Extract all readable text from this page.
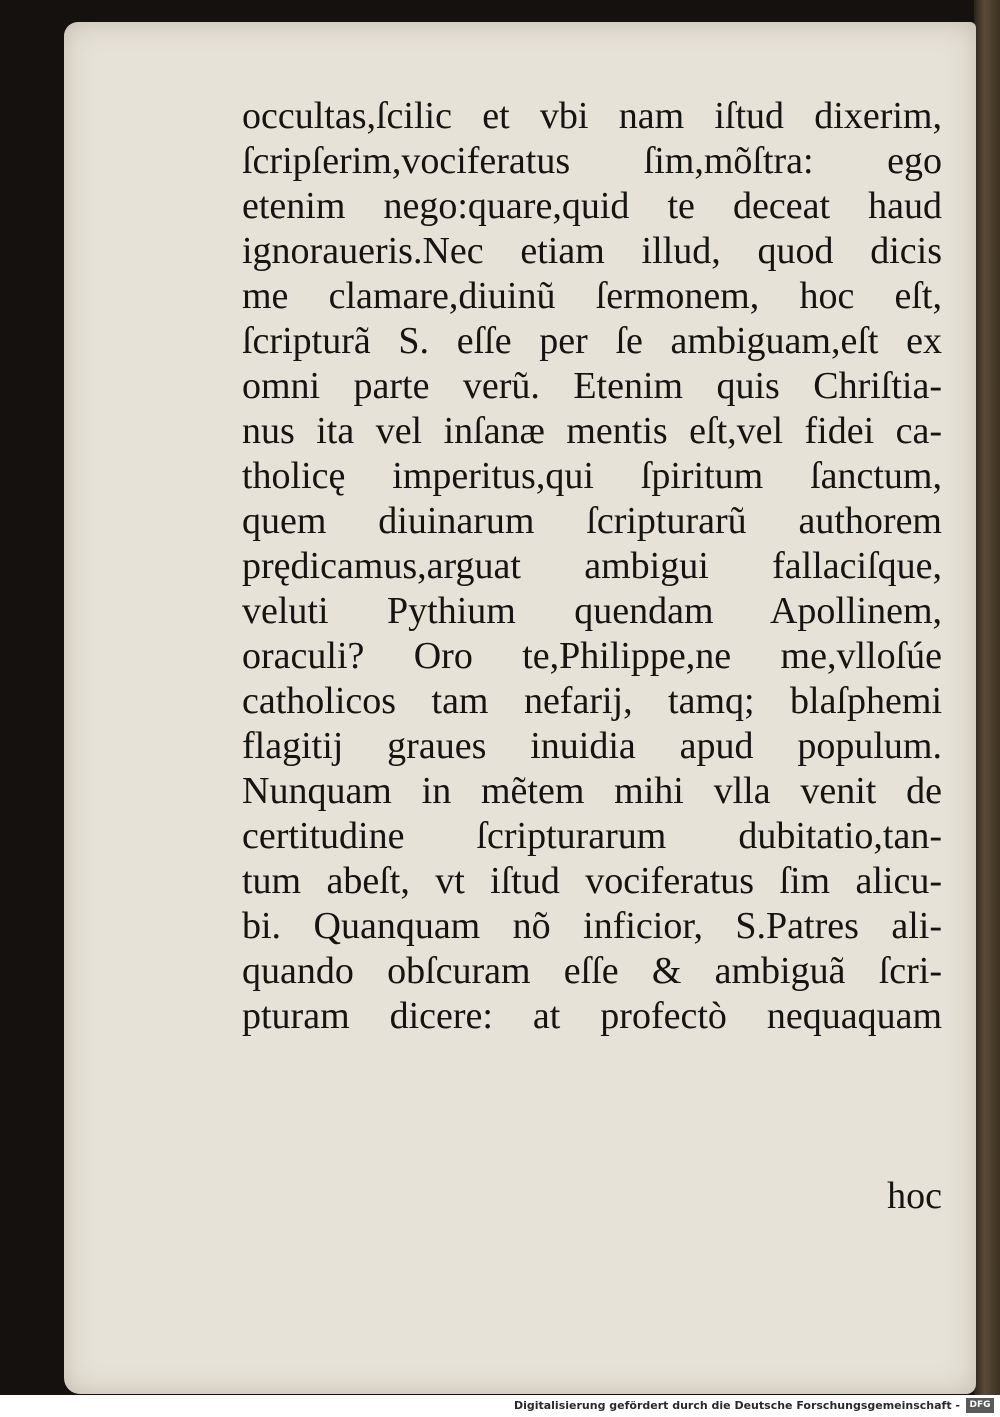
occultas,ſcilic et vbi nam iſtud dixerim,
ſcripſerim,vociferatus ſim,mõſtra: ego
etenim nego:quare,quid te deceat haud
ignoraueris.Nec etiam illud, quod dicis
me clamare,diuinũ ſermonem, hoc eſt,
ſcripturã S. eſſe per ſe ambiguam,eſt ex
omni parte verũ. Etenim quis Chriſtia-
nus ita vel inſanæ mentis eſt,vel fidei ca-
tholicę imperitus,qui ſpiritum ſanctum,
quem diuinarum ſcripturarũ authorem
prędicamus,arguat ambigui fallaciſque,
veluti Pythium quendam Apollinem,
oraculi? Oro te,Philippe,ne me,vlloſúe
catholicos tam nefarij, tamq; blaſphemi
flagitij graues inuidia apud populum.
Nunquam in mẽtem mihi vlla venit de
certitudine ſcripturarum dubitatio,tan-
tum abeſt, vt iſtud vociferatus ſim alicu-
bi. Quanquam nõ inficior, S.Patres ali-
quando obſcuram eſſe & ambiguã ſcri-
pturam dicere: at profectò nequaquam
hoc
Digitalisierung gefördert durch die Deutsche Forschungsgemeinschaft -	DFG
